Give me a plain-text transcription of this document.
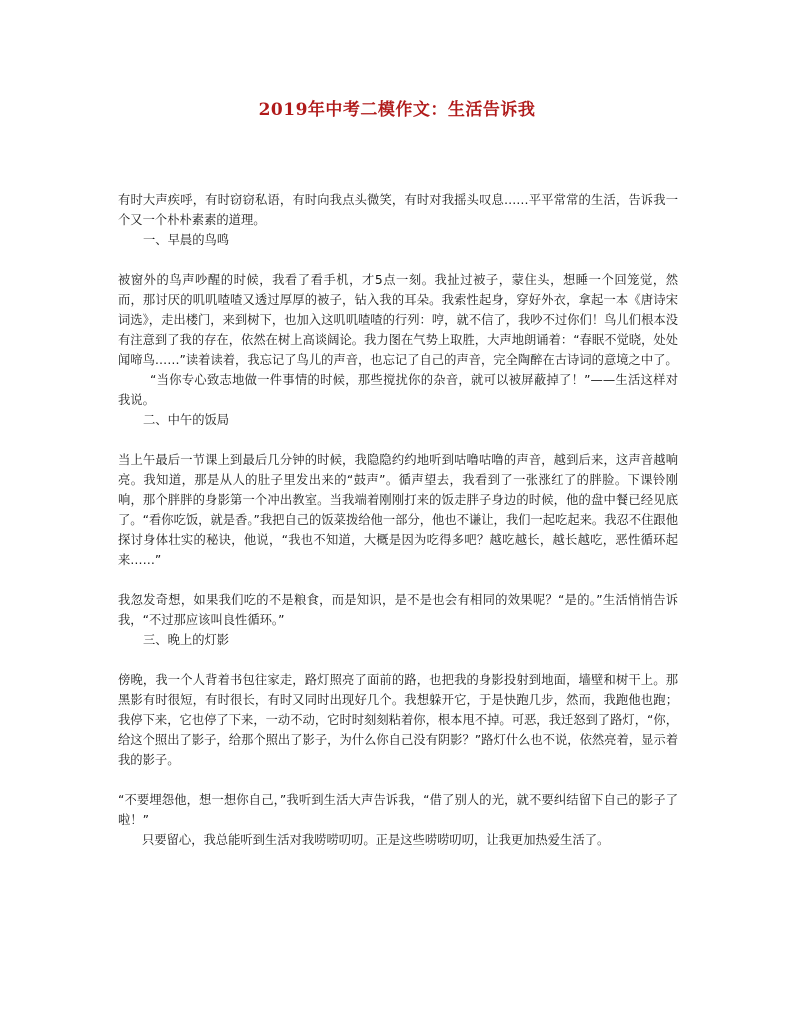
2019年中考二模作文：生活告诉我

有时大声疾呼，有时窃窃私语，有时向我点头微笑，有时对我摇头叹息……平平常常的生活，告诉我一个又一个朴朴素素的道理。

一、早晨的鸟鸣

被窗外的鸟声吵醒的时候，我看了看手机，才5点一刻。我扯过被子，蒙住头，想睡一个回笼觉，然而，那讨厌的叽叽喳喳又透过厚厚的被子，钻入我的耳朵。我索性起身，穿好外衣，拿起一本《唐诗宋词选》，走出楼门，来到树下，也加入这叽叽喳喳的行列：哼，就不信了，我吵不过你们！鸟儿们根本没有注意到了我的存在，依然在树上高谈阔论。我力图在气势上取胜，大声地朗诵着：“春眠不觉晓，处处闻啼鸟……”读着读着，我忘记了鸟儿的声音，也忘记了自己的声音，完全陶醉在古诗词的意境之中了。

“当你专心致志地做一件事情的时候，那些搅扰你的杂音，就可以被屏蔽掉了！”——生活这样对我说。

二、中午的饭局

当上午最后一节课上到最后几分钟的时候，我隐隐约约地听到咕噜咕噜的声音，越到后来，这声音越响亮。我知道，那是从人的肚子里发出来的“鼓声”。循声望去，我看到了一张涨红了的胖脸。下课铃刚响，那个胖胖的身影第一个冲出教室。当我端着刚刚打来的饭走胖子身边的时候，他的盘中餐已经见底了。“看你吃饭，就是香。”我把自己的饭菜拨给他一部分，他也不谦让，我们一起吃起来。我忍不住跟他探讨身体壮实的秘诀，他说，“我也不知道，大概是因为吃得多吧？越吃越长，越长越吃，恶性循环起来……”

我忽发奇想，如果我们吃的不是粮食，而是知识，是不是也会有相同的效果呢？“是的。”生活悄悄告诉我，“不过那应该叫良性循环。”

三、晚上的灯影

傍晚，我一个人背着书包往家走，路灯照亮了面前的路，也把我的身影投射到地面，墙壁和树干上。那黑影有时很短，有时很长，有时又同时出现好几个。我想躲开它，于是快跑几步，然而，我跑他也跑；我停下来，它也停了下来，一动不动，它时时刻刻粘着你，根本甩不掉。可恶，我迁怒到了路灯，“你，给这个照出了影子，给那个照出了影子，为什么你自己没有阴影？”路灯什么也不说，依然亮着，显示着我的影子。

“不要埋怨他，想一想你自己，”我听到生活大声告诉我，“借了别人的光，就不要纠结留下自己的影子了啦！”

只要留心，我总能听到生活对我唠唠叨叨。正是这些唠唠叨叨，让我更加热爱生活了。
